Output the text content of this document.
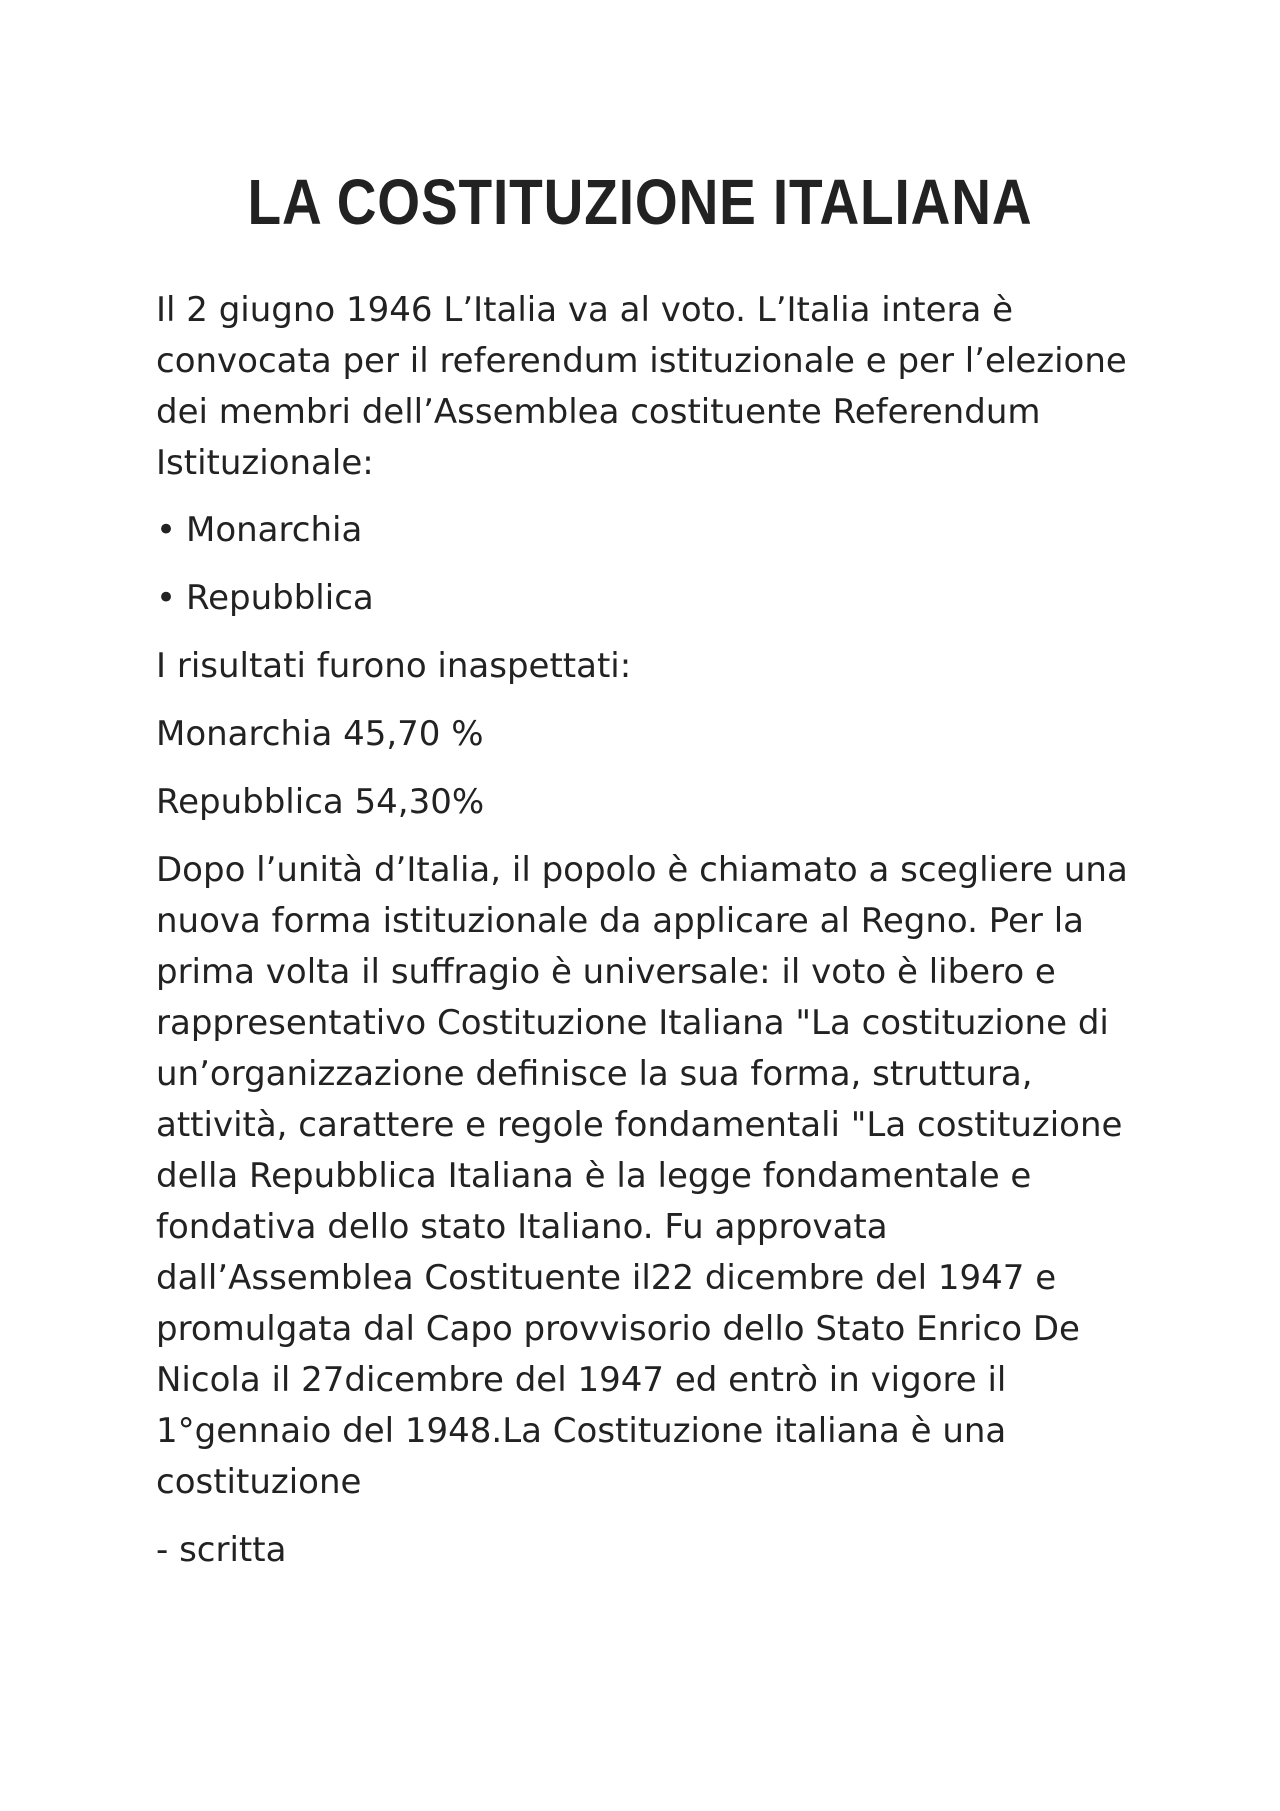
LA COSTITUZIONE ITALIANA

Il 2 giugno 1946 L’Italia va al voto. L’Italia intera è convocata per il referendum istituzionale e per l’elezione dei membri dell’Assemblea costituente Referendum Istituzionale:

• Monarchia
• Repubblica

I risultati furono inaspettati:

Monarchia 45,70 %

Repubblica 54,30%

Dopo l’unità d’Italia, il popolo è chiamato a scegliere una nuova forma istituzionale da applicare al Regno. Per la prima volta il suffragio è universale: il voto è libero e rappresentativo Costituzione Italiana "La costituzione di un’organizzazione definisce la sua forma, struttura, attività, carattere e regole fondamentali "La costituzione della Repubblica Italiana è la legge fondamentale e fondativa dello stato Italiano. Fu approvata dall’Assemblea Costituente il22 dicembre del 1947 e promulgata dal Capo provvisorio dello Stato Enrico De Nicola il 27dicembre del 1947 ed entrò in vigore il 1°gennaio del 1948.La Costituzione italiana è una costituzione

- scritta
